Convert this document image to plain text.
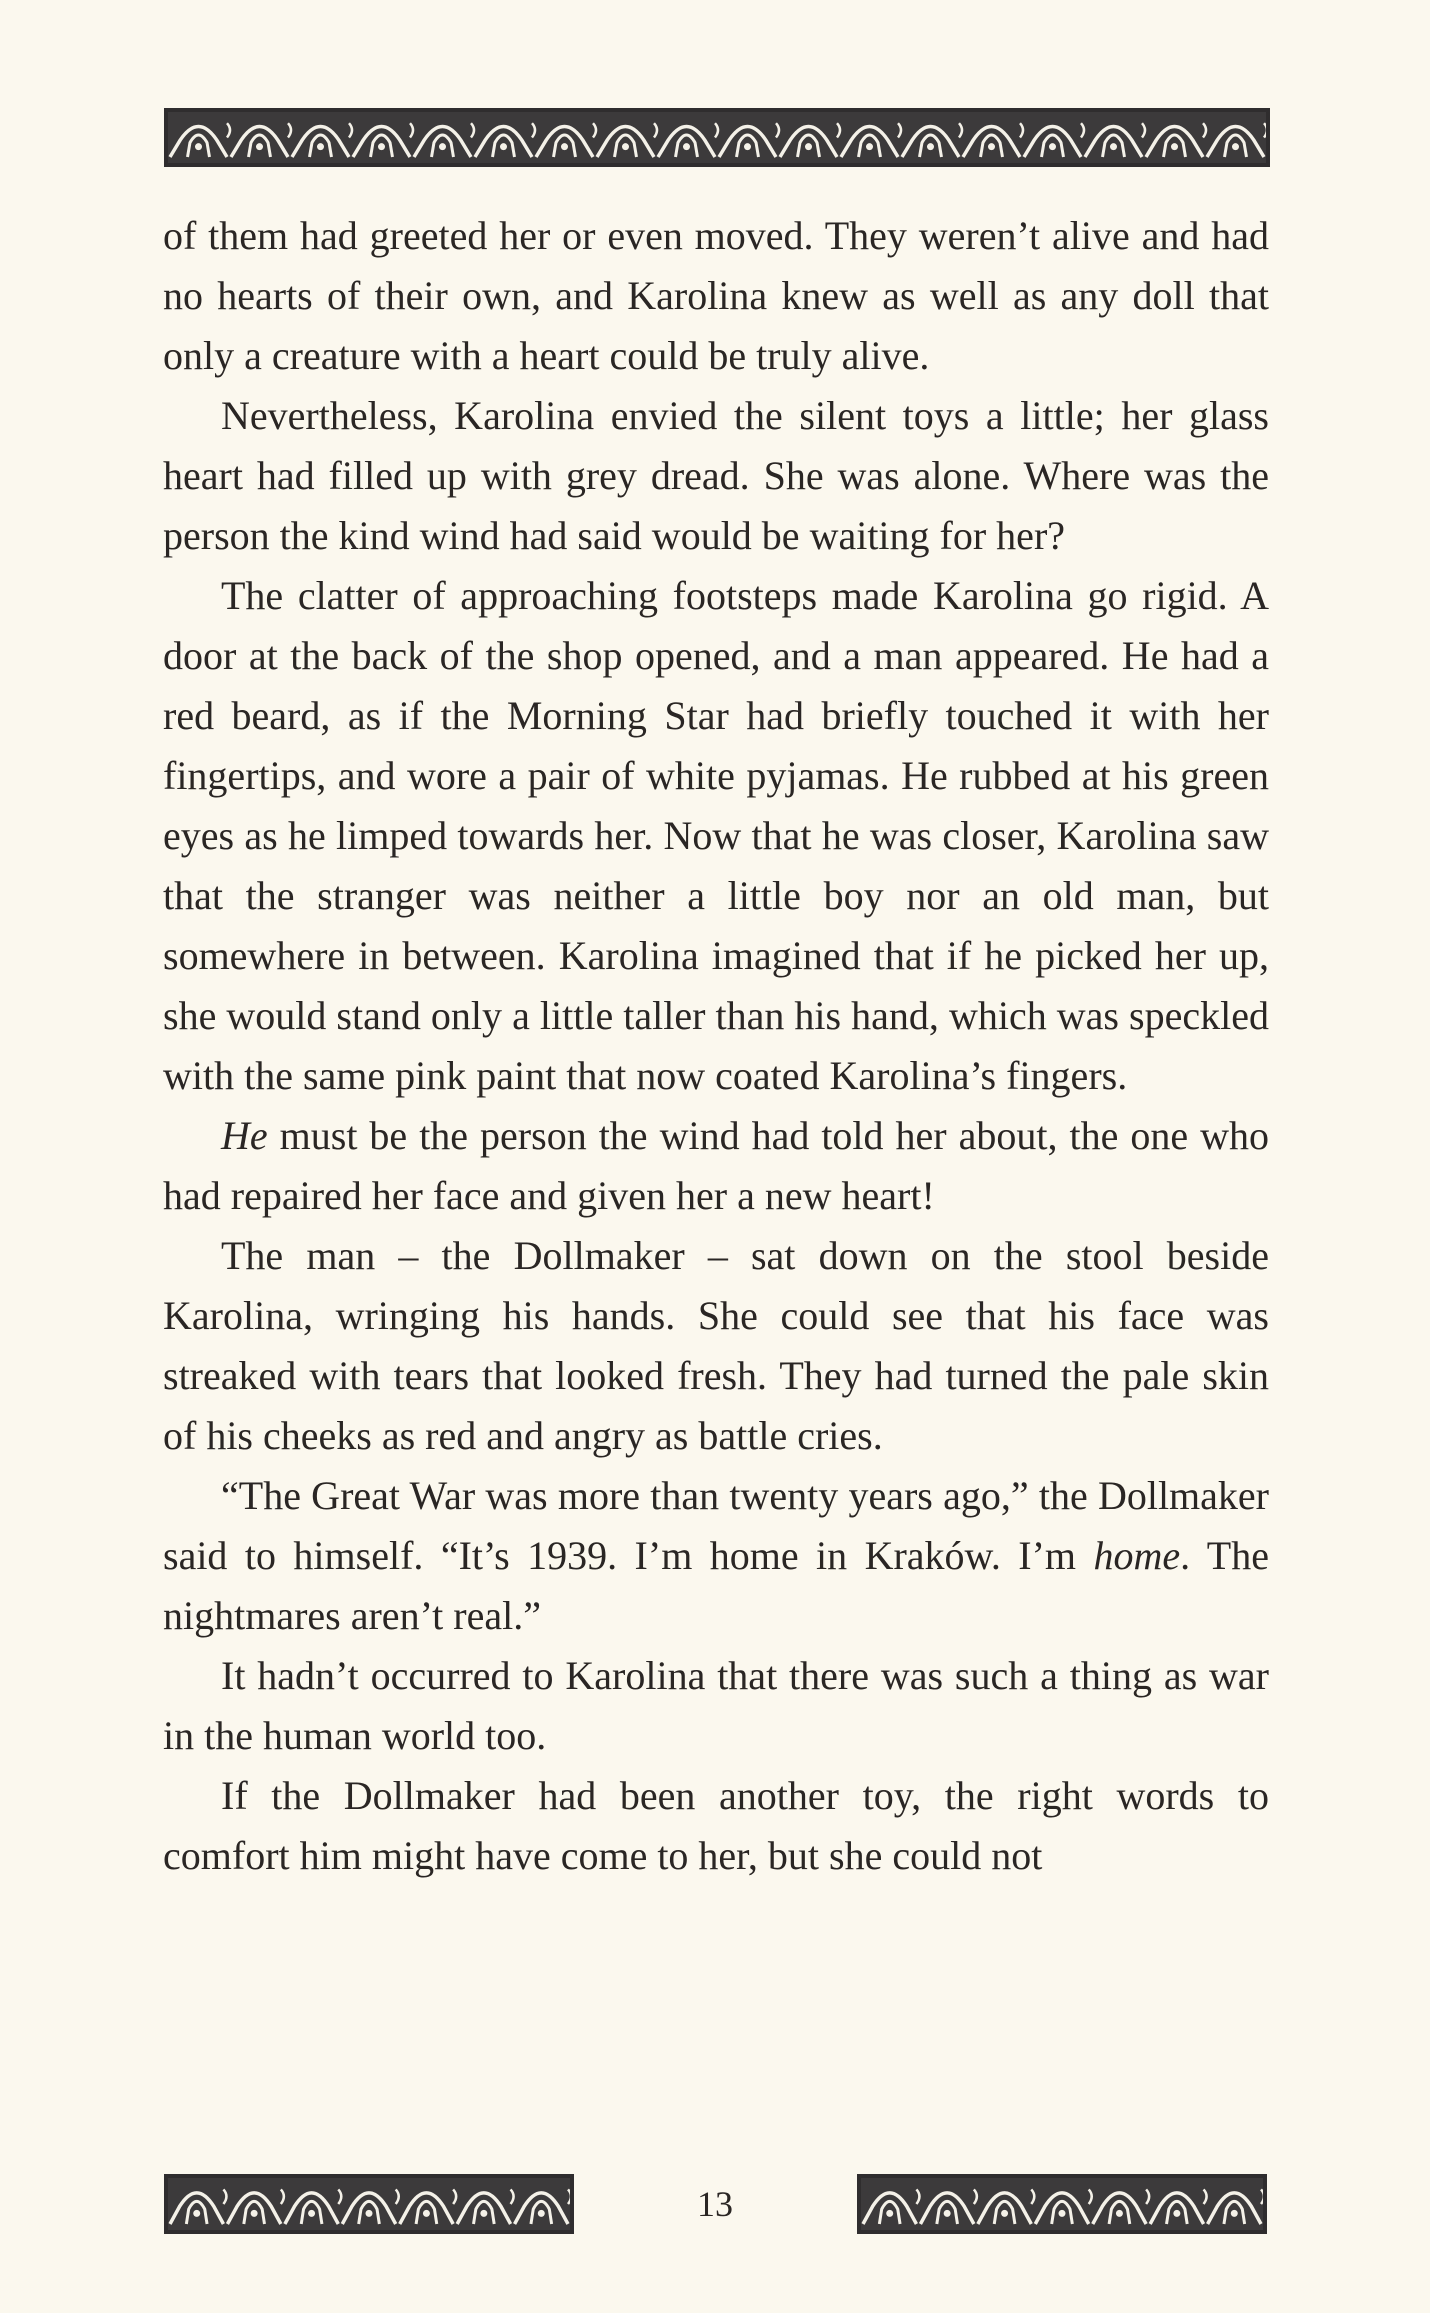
of them had greeted her or even moved. They weren’t alive and had no hearts of their own, and Karolina knew as well as any doll that only a creature with a heart could be truly alive.

Nevertheless, Karolina envied the silent toys a little; her glass heart had filled up with grey dread. She was alone. Where was the person the kind wind had said would be waiting for her?

The clatter of approaching footsteps made Karolina go rigid. A door at the back of the shop opened, and a man appeared. He had a red beard, as if the Morning Star had briefly touched it with her fingertips, and wore a pair of white pyjamas. He rubbed at his green eyes as he limped towards her. Now that he was closer, Karolina saw that the stranger was neither a little boy nor an old man, but somewhere in between. Karolina imagined that if he picked her up, she would stand only a little taller than his hand, which was speckled with the same pink paint that now coated Karolina’s fingers.

He must be the person the wind had told her about, the one who had repaired her face and given her a new heart!

The man – the Dollmaker – sat down on the stool beside Karolina, wringing his hands. She could see that his face was streaked with tears that looked fresh. They had turned the pale skin of his cheeks as red and angry as battle cries.

“The Great War was more than twenty years ago,” the Dollmaker said to himself. “It’s 1939. I’m home in Kraków. I’m home. The nightmares aren’t real.”

It hadn’t occurred to Karolina that there was such a thing as war in the human world too.

If the Dollmaker had been another toy, the right words to comfort him might have come to her, but she could not

13
